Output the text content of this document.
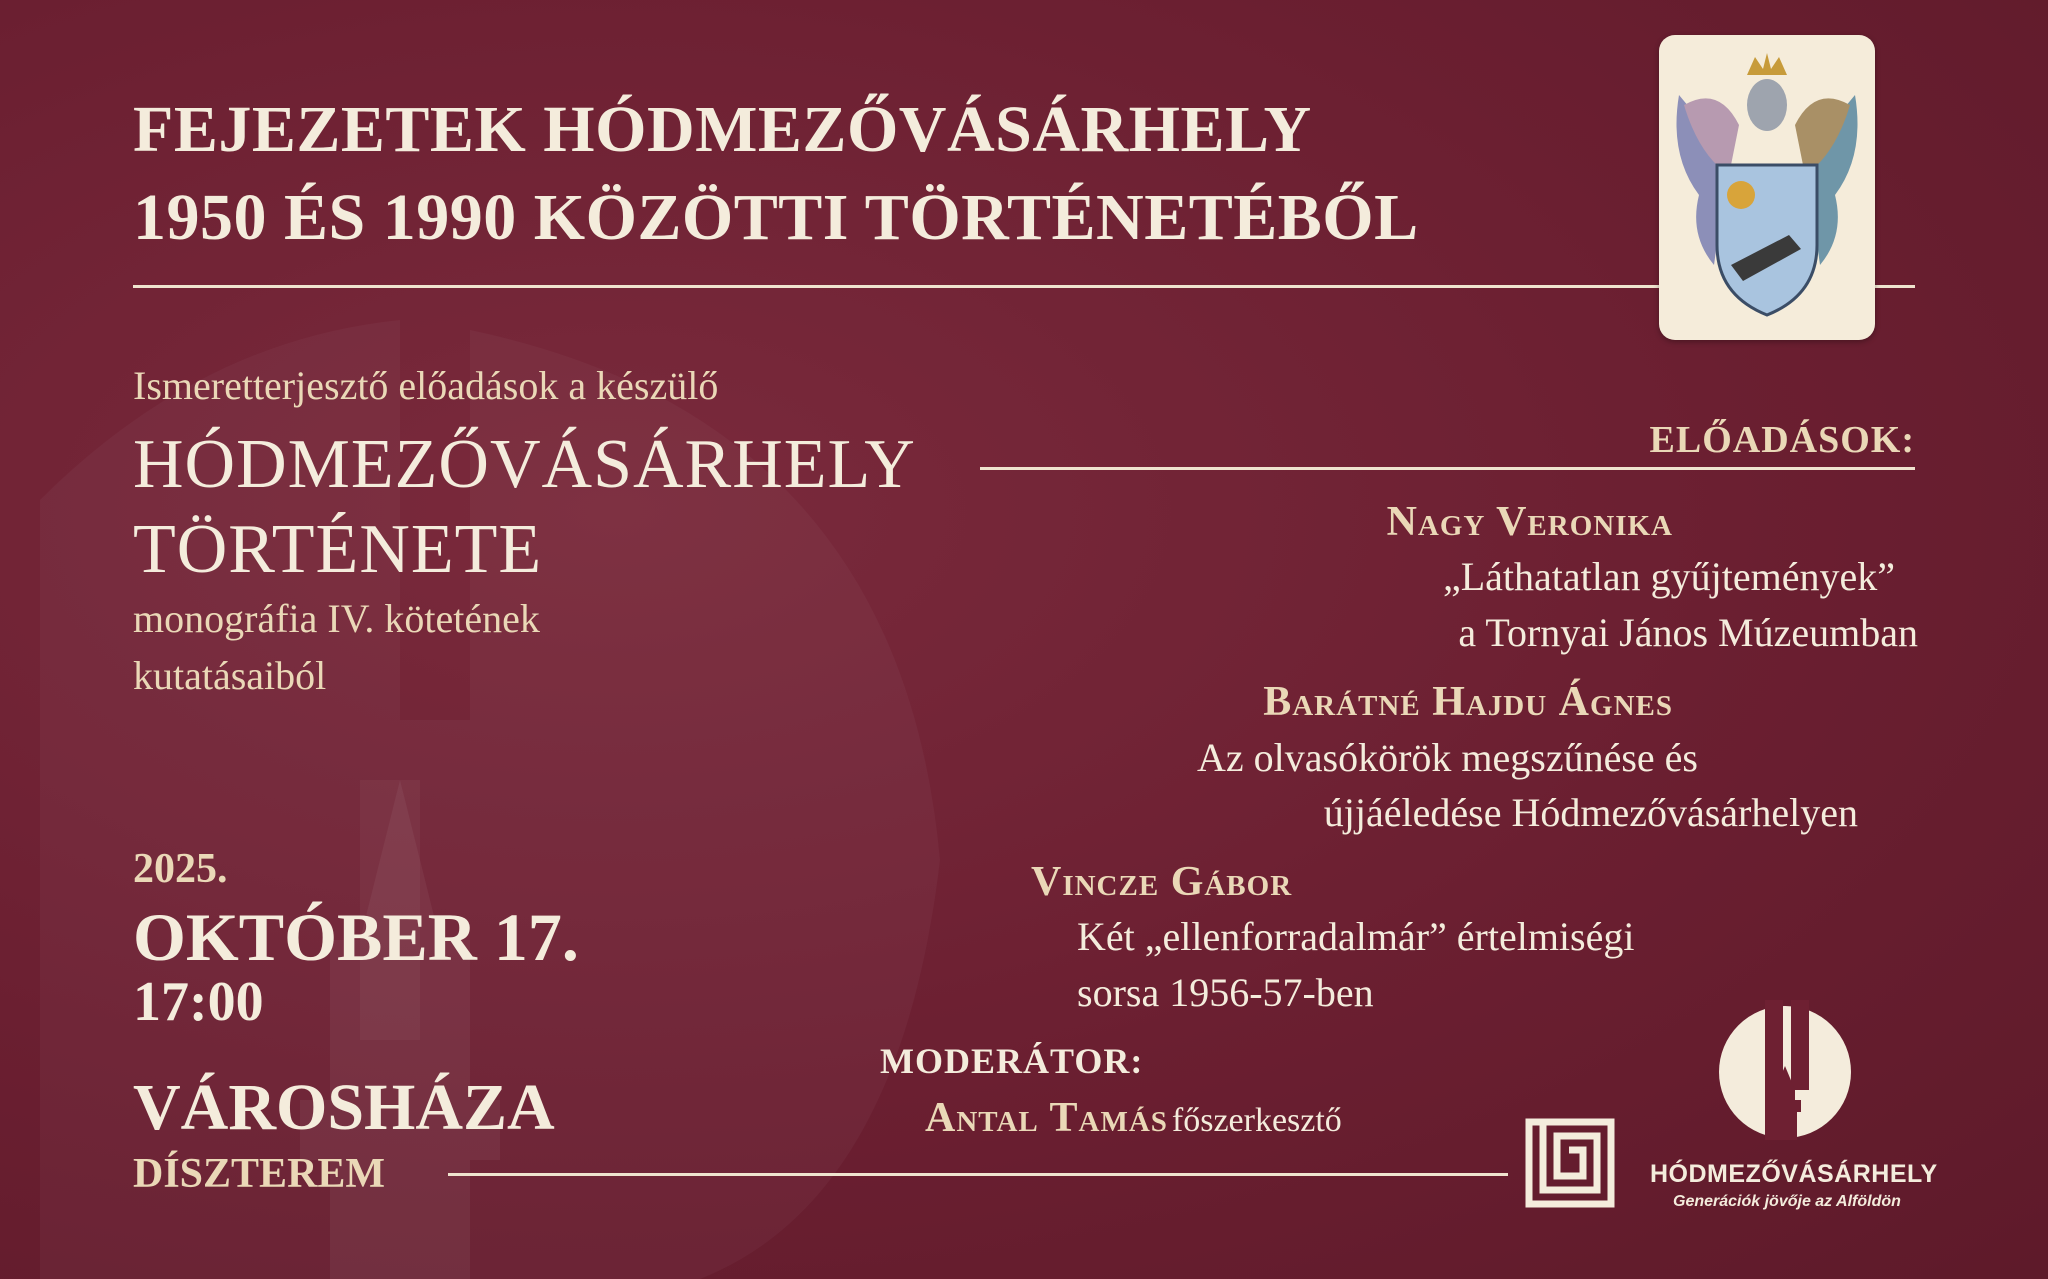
FEJEZETEK HÓDMEZŐVÁSÁRHELY
1950 ÉS 1990 KÖZÖTTI TÖRTÉNETÉBŐL
Ismeretterjesztő előadások a készülő
HÓDMEZŐVÁSÁRHELY
TÖRTÉNETE
monográfia IV. kötetének
kutatásaiból
ELŐADÁSOK:
Nagy Veronika
„Láthatatlan gyűjtemények”
a Tornyai János Múzeumban
Barátné Hajdu Ágnes
Az olvasókörök megszűnése és
újjáéledése Hódmezővásárhelyen
Vincze Gábor
Két „ellenforradalmár” értelmiségi
sorsa 1956-57-ben
MODERÁTOR:
Antal Tamás főszerkesztő
2025.
OKTÓBER 17.
17:00
VÁROSHÁZA
DÍSZTEREM	HÓDMEZŐVÁSÁRHELY
Generációk jövője az Alföldön
